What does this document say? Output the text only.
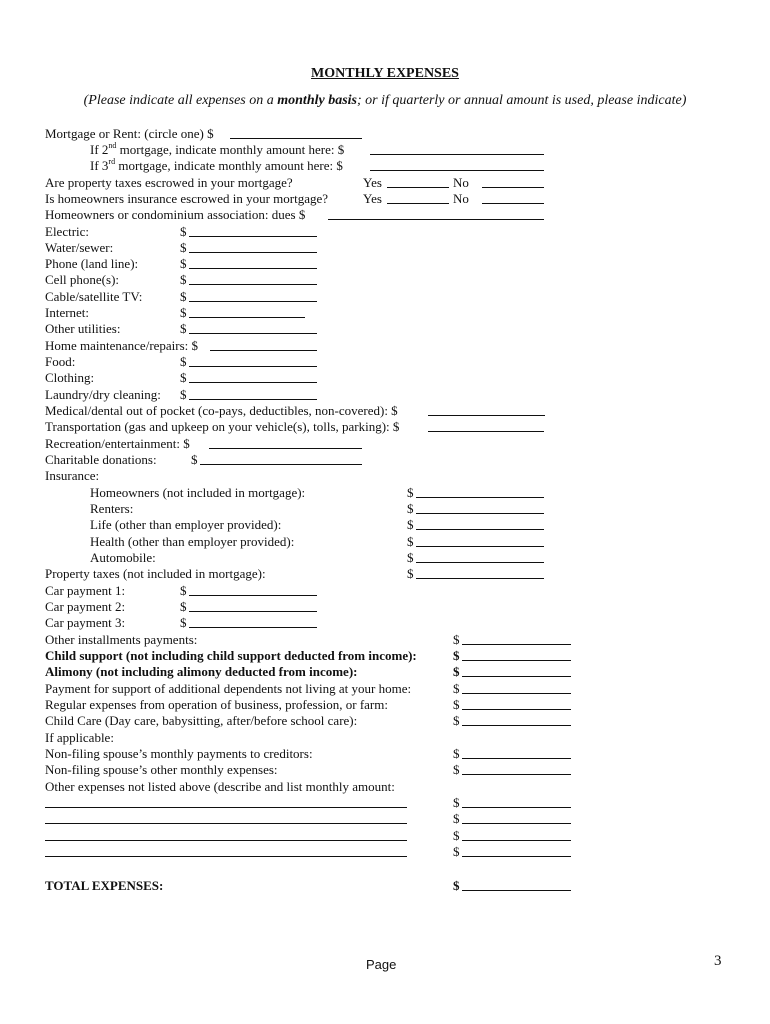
MONTHLY EXPENSES
(Please indicate all expenses on a monthly basis; or if quarterly or annual amount is used, please indicate)
Mortgage or Rent: (circle one) $
If 2nd mortgage, indicate monthly amount here: $
If 3rd mortgage, indicate monthly amount here: $
Are property taxes escrowed in your mortgage?	Yes	No
Is homeowners insurance escrowed in your mortgage?	Yes	No
Homeowners or condominium association: dues $
Electric:	$
Water/sewer:	$
Phone (land line):	$
Cell phone(s):	$
Cable/satellite TV:	$
Internet:	$
Other utilities:	$
Home maintenance/repairs: $
Food:	$
Clothing:	$
Laundry/dry cleaning: $
Medical/dental out of pocket (co-pays, deductibles, non-covered): $
Transportation (gas and upkeep on your vehicle(s), tolls, parking): $
Recreation/entertainment: $
Charitable donations:	$
Insurance:
Homeowners (not included in mortgage):	$
Renters:	$
Life (other than employer provided):	$
Health (other than employer provided):	$
Automobile:	$
Property taxes (not included in mortgage):	$
Car payment 1:	$
Car payment 2:	$
Car payment 3:	$
Other installments payments:	$
Child support (not including child support deducted from income):	$
Alimony (not including alimony deducted from income):	$
Payment for support of additional dependents not living at your home:	$
Regular expenses from operation of business, profession, or farm:	$
Child Care (Day care, babysitting, after/before school care):	$
If applicable:
Non-filing spouse’s monthly payments to creditors:	$
Non-filing spouse’s other monthly expenses:	$
Other expenses not listed above (describe and list monthly amount:
$
$
$
$
TOTAL EXPENSES:	$
Page	3
